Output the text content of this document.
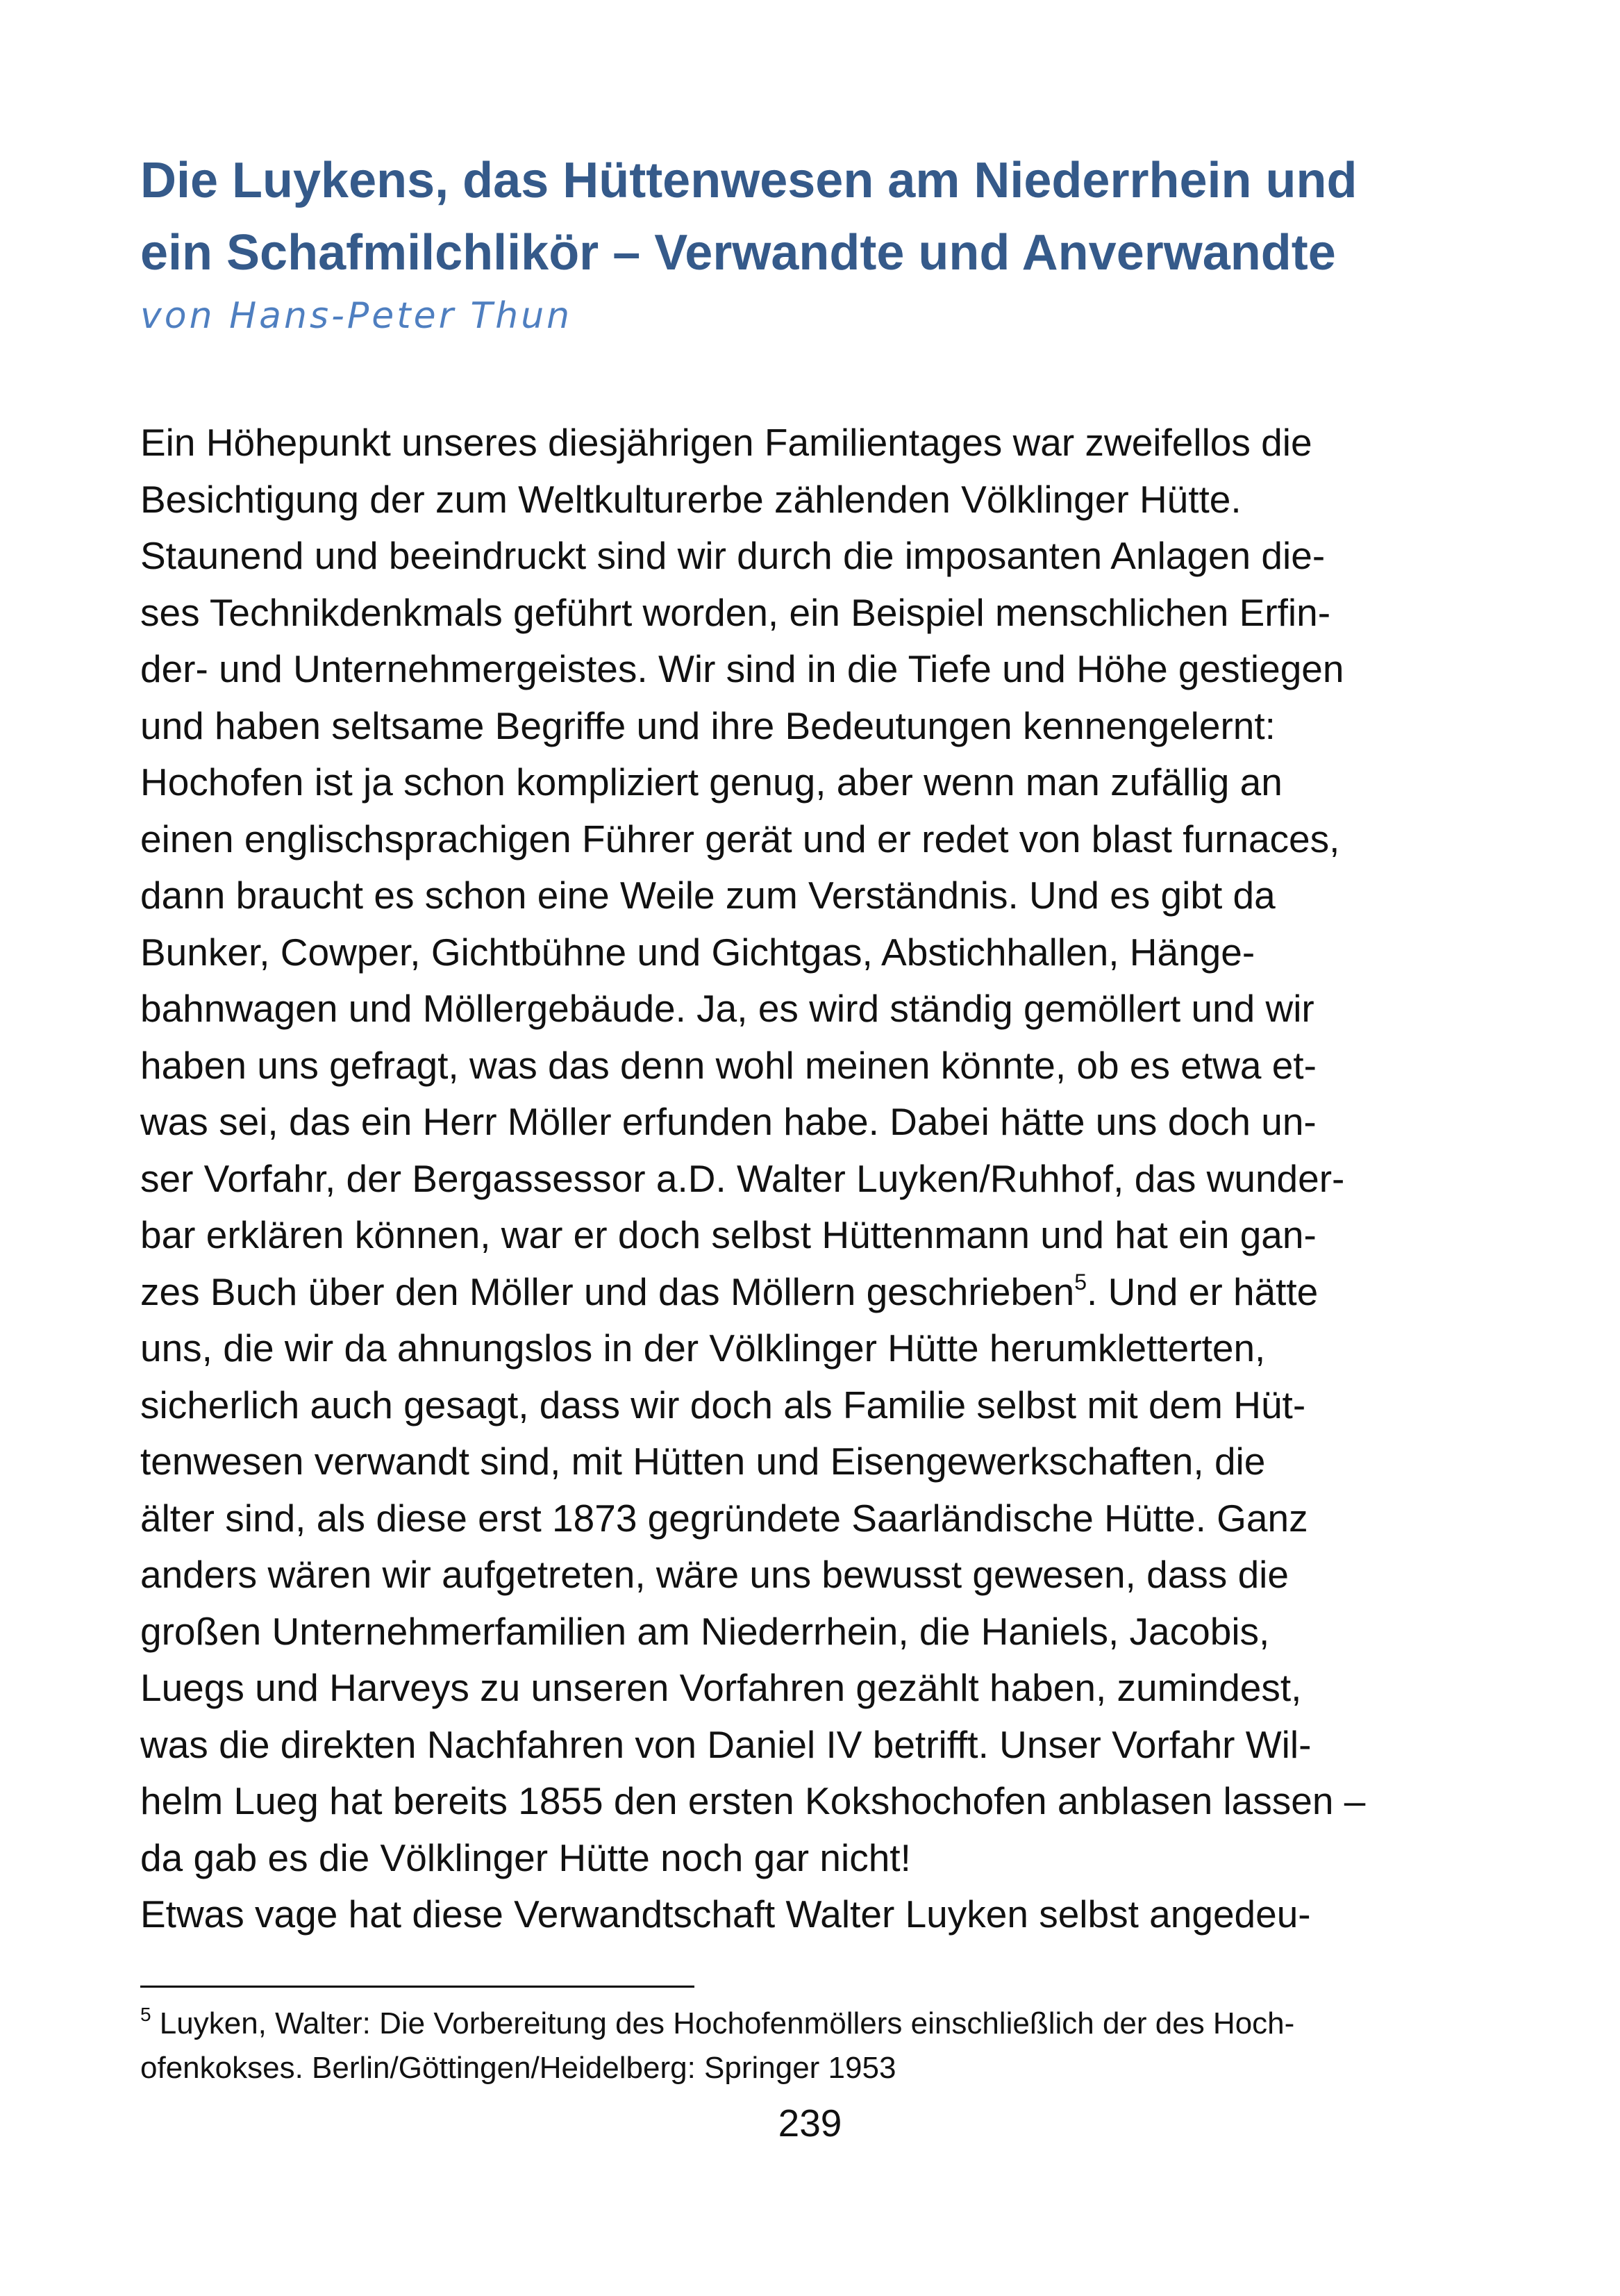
Die Luykens, das Hüttenwesen am Niederrhein und
ein Schafmilchlikör – Verwandte und Anverwandte

von Hans-Peter Thun

Ein Höhepunkt unseres diesjährigen Familientages war zweifellos die
Besichtigung der zum Weltkulturerbe zählenden Völklinger Hütte.
Staunend und beeindruckt sind wir durch die imposanten Anlagen die-
ses Technikdenkmals geführt worden, ein Beispiel menschlichen Erfin-
der- und Unternehmergeistes. Wir sind in die Tiefe und Höhe gestiegen
und haben seltsame Begriffe und ihre Bedeutungen kennengelernt:
Hochofen ist ja schon kompliziert genug, aber wenn man zufällig an
einen englischsprachigen Führer gerät und er redet von blast furnaces,
dann braucht es schon eine Weile zum Verständnis. Und es gibt da
Bunker, Cowper, Gichtbühne und Gichtgas, Abstichhallen, Hänge-
bahnwagen und Möllergebäude. Ja, es wird ständig gemöllert und wir
haben uns gefragt, was das denn wohl meinen könnte, ob es etwa et-
was sei, das ein Herr Möller erfunden habe. Dabei hätte uns doch un-
ser Vorfahr, der Bergassessor a.D. Walter Luyken/Ruhhof, das wunder-
bar erklären können, war er doch selbst Hüttenmann und hat ein gan-
zes Buch über den Möller und das Möllern geschrieben$^5$. Und er hätte
uns, die wir da ahnungslos in der Völklinger Hütte herumkletterten,
sicherlich auch gesagt, dass wir doch als Familie selbst mit dem Hüt-
tenwesen verwandt sind, mit Hütten und Eisengewerkschaften, die
älter sind, als diese erst 1873 gegründete Saarländische Hütte. Ganz
anders wären wir aufgetreten, wäre uns bewusst gewesen, dass die
großen Unternehmerfamilien am Niederrhein, die Haniels, Jacobis,
Luegs und Harveys zu unseren Vorfahren gezählt haben, zumindest,
was die direkten Nachfahren von Daniel IV betrifft. Unser Vorfahr Wil-
helm Lueg hat bereits 1855 den ersten Kokshochofen anblasen lassen –
da gab es die Völklinger Hütte noch gar nicht!
Etwas vage hat diese Verwandtschaft Walter Luyken selbst angedeu-
$^5$ Luyken, Walter: Die Vorbereitung des Hochofenmöllers einschließlich der des Hoch-
ofenkokses. Berlin/Göttingen/Heidelberg: Springer 1953
239
